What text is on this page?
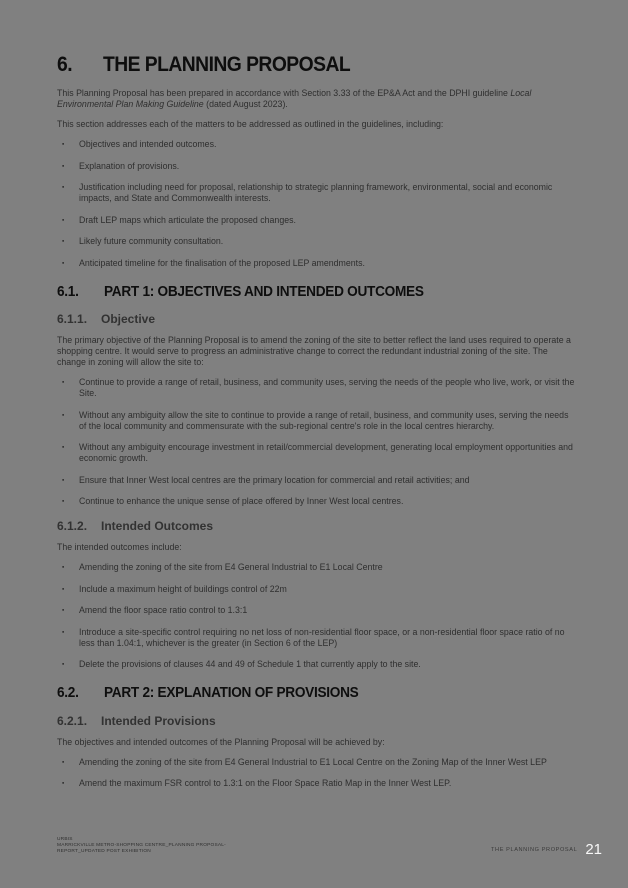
6.	THE PLANNING PROPOSAL

This Planning Proposal has been prepared in accordance with Section 3.33 of the EP&A Act and the DPHI guideline Local Environmental Plan Making Guideline (dated August 2023).

This section addresses each of the matters to be addressed as outlined in the guidelines, including:

▪	Objectives and intended outcomes.
▪	Explanation of provisions.
▪	Justification including need for proposal, relationship to strategic planning framework, environmental, social and economic impacts, and State and Commonwealth interests.
▪	Draft LEP maps which articulate the proposed changes.
▪	Likely future community consultation.
▪	Anticipated timeline for the finalisation of the proposed LEP amendments.
6.1.	PART 1: OBJECTIVES AND INTENDED OUTCOMES
6.1.1.	Objective

The primary objective of the Planning Proposal is to amend the zoning of the site to better reflect the land uses required to operate a shopping centre. It would serve to progress an administrative change to correct the redundant industrial zoning of the site. The change in zoning will allow the site to:

▪	Continue to provide a range of retail, business, and community uses, serving the needs of the people who live, work, or visit the Site.
▪	Without any ambiguity allow the site to continue to provide a range of retail, business, and community uses, serving the needs of the local community and commensurate with the sub-regional centre's role in the local centres hierarchy.
▪	Without any ambiguity encourage investment in retail/commercial development, generating local employment opportunities and economic growth.
▪	Ensure that Inner West local centres are the primary location for commercial and retail activities; and
▪	Continue to enhance the unique sense of place offered by Inner West local centres.
6.1.2.	Intended Outcomes

The intended outcomes include:

▪	Amending the zoning of the site from E4 General Industrial to E1 Local Centre
▪	Include a maximum height of buildings control of 22m
▪	Amend the floor space ratio control to 1.3:1
▪	Introduce a site-specific control requiring no net loss of non-residential floor space, or a non-residential floor space ratio of no less than 1.04:1, whichever is the greater (in Section 6 of the LEP)
▪	Delete the provisions of clauses 44 and 49 of Schedule 1 that currently apply to the site.
6.2.	PART 2: EXPLANATION OF PROVISIONS
6.2.1.	Intended Provisions

The objectives and intended outcomes of the Planning Proposal will be achieved by:

▪	Amending the zoning of the site from E4 General Industrial to E1 Local Centre on the Zoning Map of the Inner West LEP
▪	Amend the maximum FSR control to 1.3:1 on the Floor Space Ratio Map in the Inner West LEP.
URBIS
MARRICKVILLE METRO-SHOPPING CENTRE_PLANNING PROPOSAL-
REPORT_UPDATED POST EXHIBITION	THE PLANNING PROPOSAL 21
